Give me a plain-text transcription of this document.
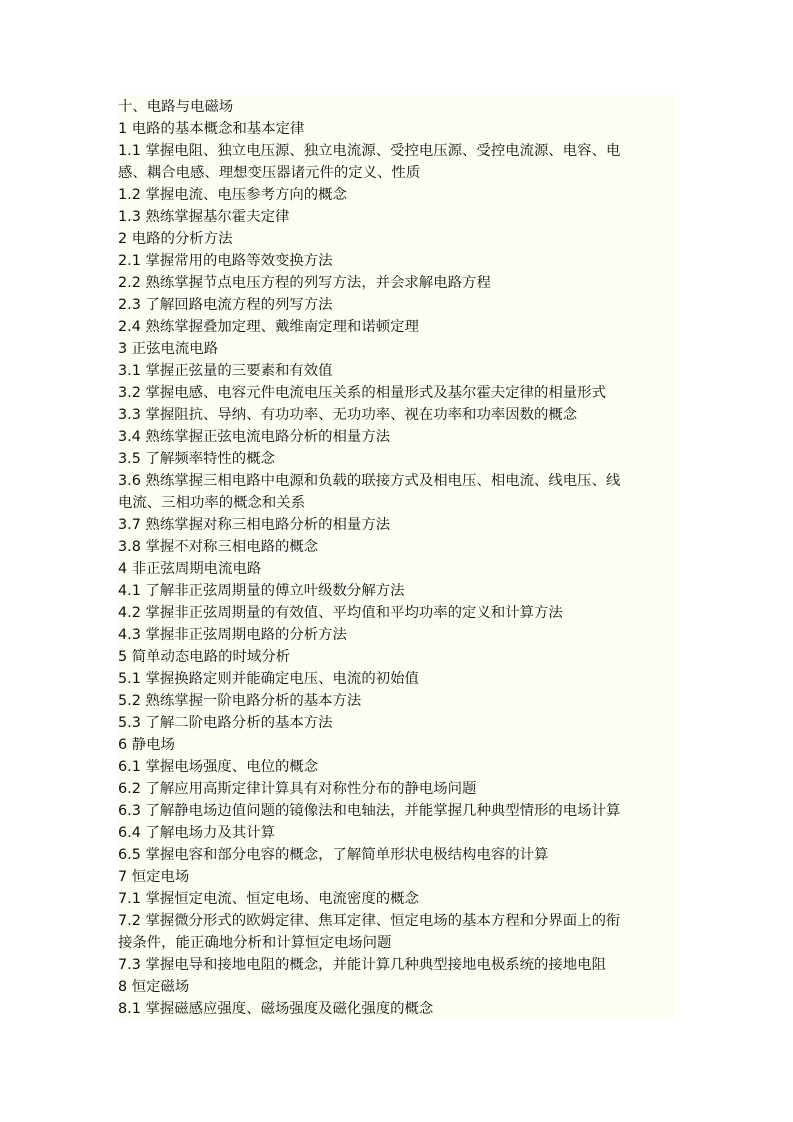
十、电路与电磁场
1 电路的基本概念和基本定律
1.1 掌握电阻、独立电压源、独立电流源、受控电压源、受控电流源、电容、电
感、耦合电感、理想变压器诸元件的定义、性质
1.2 掌握电流、电压参考方向的概念
1.3 熟练掌握基尔霍夫定律
2 电路的分析方法
2.1 掌握常用的电路等效变换方法
2.2 熟练掌握节点电压方程的列写方法，并会求解电路方程
2.3 了解回路电流方程的列写方法
2.4 熟练掌握叠加定理、戴维南定理和诺顿定理
3 正弦电流电路
3.1 掌握正弦量的三要素和有效值
3.2 掌握电感、电容元件电流电压关系的相量形式及基尔霍夫定律的相量形式
3.3 掌握阻抗、导纳、有功功率、无功功率、视在功率和功率因数的概念
3.4 熟练掌握正弦电流电路分析的相量方法
3.5 了解频率特性的概念
3.6 熟练掌握三相电路中电源和负载的联接方式及相电压、相电流、线电压、线
电流、三相功率的概念和关系
3.7 熟练掌握对称三相电路分析的相量方法
3.8 掌握不对称三相电路的概念
4 非正弦周期电流电路
4.1 了解非正弦周期量的傅立叶级数分解方法
4.2 掌握非正弦周期量的有效值、平均值和平均功率的定义和计算方法
4.3 掌握非正弦周期电路的分析方法
5 简单动态电路的时域分析
5.1 掌握换路定则并能确定电压、电流的初始值
5.2 熟练掌握一阶电路分析的基本方法
5.3 了解二阶电路分析的基本方法
6 静电场
6.1 掌握电场强度、电位的概念
6.2 了解应用高斯定律计算具有对称性分布的静电场问题
6.3 了解静电场边值问题的镜像法和电轴法，并能掌握几种典型情形的电场计算
6.4 了解电场力及其计算
6.5 掌握电容和部分电容的概念，了解简单形状电极结构电容的计算
7 恒定电场
7.1 掌握恒定电流、恒定电场、电流密度的概念
7.2 掌握微分形式的欧姆定律、焦耳定律、恒定电场的基本方程和分界面上的衔
接条件，能正确地分析和计算恒定电场问题
7.3 掌握电导和接地电阻的概念，并能计算几种典型接地电极系统的接地电阻
8 恒定磁场
8.1 掌握磁感应强度、磁场强度及磁化强度的概念
